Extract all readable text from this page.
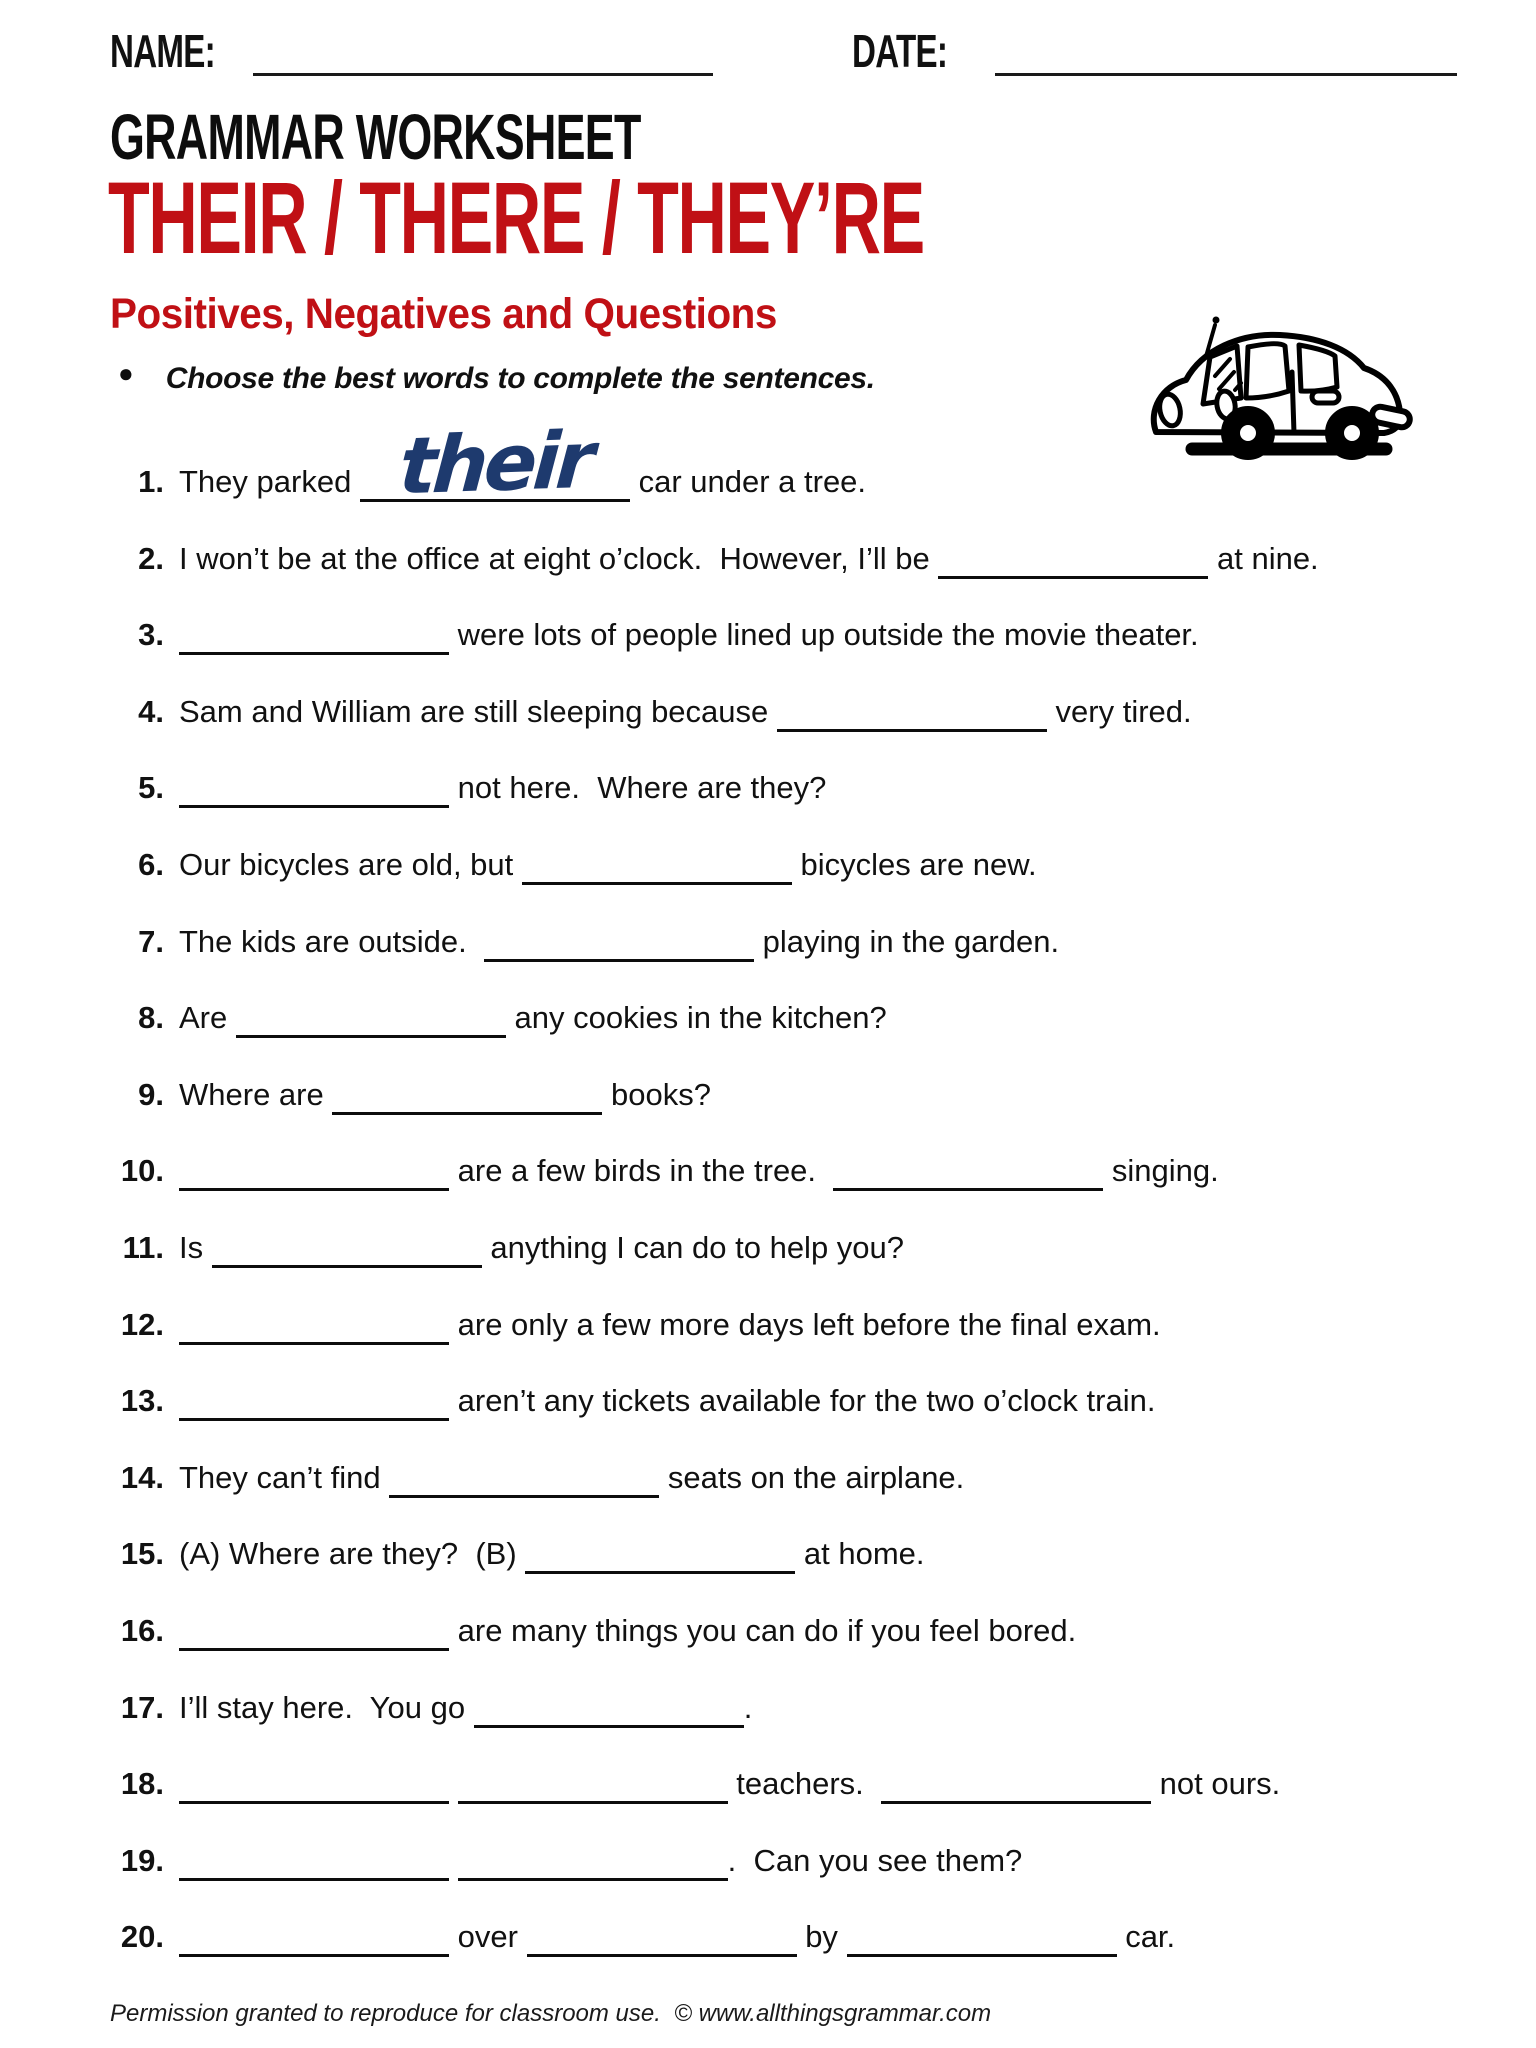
NAME:	DATE:
GRAMMAR WORKSHEET
THEIR / THERE / THEY’RE
Positives, Negatives and Questions
● Choose the best words to complete the sentences.
1. They parked their car under a tree.
2. I won’t be at the office at eight o’clock.  However, I’ll be	at nine.
3.	were lots of people lined up outside the movie theater.
4. Sam and William are still sleeping because	very tired.
5.	not here.  Where are they?
6. Our bicycles are old, but	bicycles are new.
7. The kids are outside.	playing in the garden.
8. Are	any cookies in the kitchen?
9. Where are	books?
10.	are a few birds in the tree.	singing.
11. Is	anything I can do to help you?
12.	are only a few more days left before the final exam.
13.	aren’t any tickets available for the two o’clock train.
14. They can’t find	seats on the airplane.
15. (A) Where are they?  (B)	at home.
16.	are many things you can do if you feel bored.
17. I’ll stay here.  You go	.
18.	teachers.	not ours.
19.	.  Can you see them?
20.	over	by	car.
Permission granted to reproduce for classroom use.  © www.allthingsgrammar.com
